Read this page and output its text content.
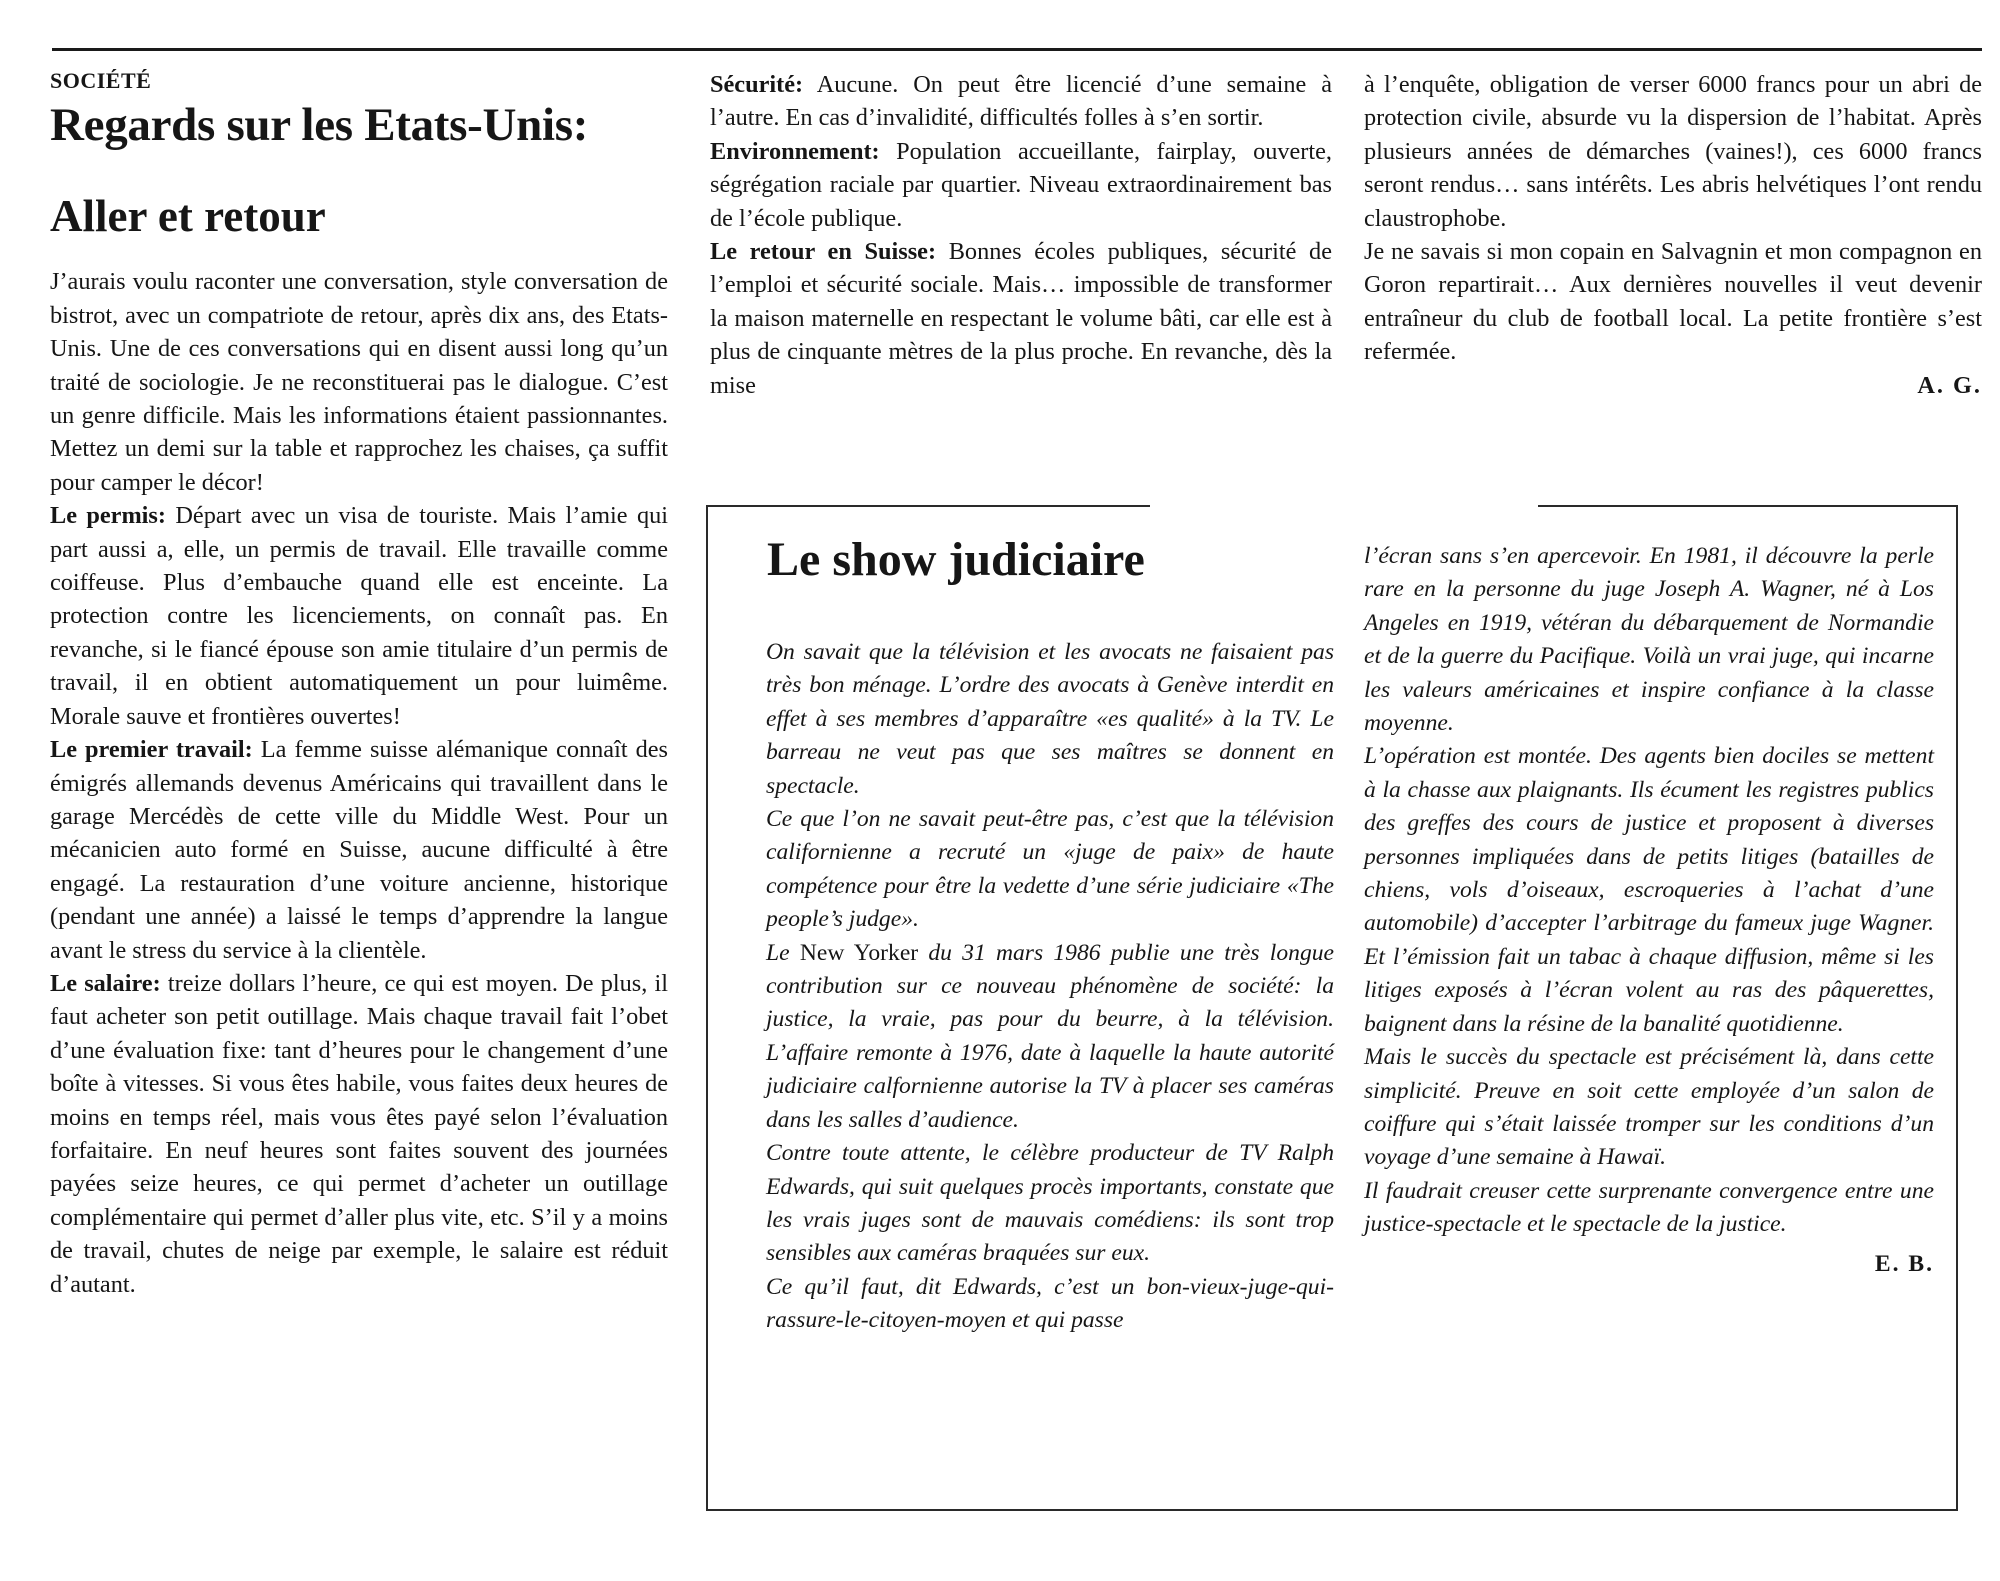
SOCIÉTÉ

Regards sur les Etats-Unis:
Aller et retour

J’aurais voulu raconter une conversation, style conversation de bistrot, avec un compatriote de retour, après dix ans, des Etats-Unis. Une de ces conversations qui en disent aussi long qu’un traité de sociologie. Je ne reconstituerai pas le dialogue. C’est un genre difficile. Mais les informations étaient passionnantes. Mettez un demi sur la table et rapprochez les chaises, ça suffit pour camper le décor!

Le permis: Départ avec un visa de touriste. Mais l’amie qui part aussi a, elle, un permis de travail. Elle travaille comme coiffeuse. Plus d’embauche quand elle est enceinte. La protection contre les licenciements, on connaît pas. En revanche, si le fiancé épouse son amie titulaire d’un permis de travail, il en obtient automatiquement un pour luimême. Morale sauve et frontières ouvertes!

Le premier travail: La femme suisse alémanique connaît des émigrés allemands devenus Américains qui travaillent dans le garage Mercédès de cette ville du Middle West. Pour un mécanicien auto formé en Suisse, aucune difficulté à être engagé. La restauration d’une voiture ancienne, historique (pendant une année) a laissé le temps d’apprendre la langue avant le stress du service à la clientèle.

Le salaire: treize dollars l’heure, ce qui est moyen. De plus, il faut acheter son petit outillage. Mais chaque travail fait l’obet d’une évaluation fixe: tant d’heures pour le changement d’une boîte à vitesses. Si vous êtes habile, vous faites deux heures de moins en temps réel, mais vous êtes payé selon l’évaluation forfaitaire. En neuf heures sont faites souvent des journées payées seize heures, ce qui permet d’acheter un outillage complémentaire qui permet d’aller plus vite, etc. S’il y a moins de travail, chutes de neige par exemple, le salaire est réduit d’autant.

Sécurité: Aucune. On peut être licencié d’une semaine à l’autre. En cas d’invalidité, difficultés folles à s’en sortir.

Environnement: Population accueillante, fairplay, ouverte, ségrégation raciale par quartier. Niveau extraordinairement bas de l’école publique.

Le retour en Suisse: Bonnes écoles publiques, sécurité de l’emploi et sécurité sociale. Mais… impossible de transformer la maison maternelle en respectant le volume bâti, car elle est à plus de cinquante mètres de la plus proche. En revanche, dès la mise

à l’enquête, obligation de verser 6000 francs pour un abri de protection civile, absurde vu la dispersion de l’habitat. Après plusieurs années de démarches (vaines!), ces 6000 francs seront rendus… sans intérêts. Les abris helvétiques l’ont rendu claustrophobe.

Je ne savais si mon copain en Salvagnin et mon compagnon en Goron repartirait… Aux dernières nouvelles il veut devenir entraîneur du club de football local. La petite frontière s’est refermée.

A. G.

Le show judiciaire

On savait que la télévision et les avocats ne faisaient pas très bon ménage. L’ordre des avocats à Genève interdit en effet à ses membres d’apparaître «es qualité» à la TV. Le barreau ne veut pas que ses maîtres se donnent en spectacle.

Ce que l’on ne savait peut-être pas, c’est que la télévision californienne a recruté un «juge de paix» de haute compétence pour être la vedette d’une série judiciaire «The people’s judge».

Le New Yorker du 31 mars 1986 publie une très longue contribution sur ce nouveau phénomène de société: la justice, la vraie, pas pour du beurre, à la télévision. L’affaire remonte à 1976, date à laquelle la haute autorité judiciaire calfornienne autorise la TV à placer ses caméras dans les salles d’audience.

Contre toute attente, le célèbre producteur de TV Ralph Edwards, qui suit quelques procès importants, constate que les vrais juges sont de mauvais comédiens: ils sont trop sensibles aux caméras braquées sur eux.

Ce qu’il faut, dit Edwards, c’est un bon-vieux-juge-qui-rassure-le-citoyen-moyen et qui passe

l’écran sans s’en apercevoir. En 1981, il découvre la perle rare en la personne du juge Joseph A. Wagner, né à Los Angeles en 1919, vétéran du débarquement de Normandie et de la guerre du Pacifique. Voilà un vrai juge, qui incarne les valeurs américaines et inspire confiance à la classe moyenne.

L’opération est montée. Des agents bien dociles se mettent à la chasse aux plaignants. Ils écument les registres publics des greffes des cours de justice et proposent à diverses personnes impliquées dans de petits litiges (batailles de chiens, vols d’oiseaux, escroqueries à l’achat d’une automobile) d’accepter l’arbitrage du fameux juge Wagner. Et l’émission fait un tabac à chaque diffusion, même si les litiges exposés à l’écran volent au ras des pâquerettes, baignent dans la résine de la banalité quotidienne.

Mais le succès du spectacle est précisément là, dans cette simplicité. Preuve en soit cette employée d’un salon de coiffure qui s’était laissée tromper sur les conditions d’un voyage d’une semaine à Hawaï.

Il faudrait creuser cette surprenante convergence entre une justice-spectacle et le spectacle de la justice.

E. B.
